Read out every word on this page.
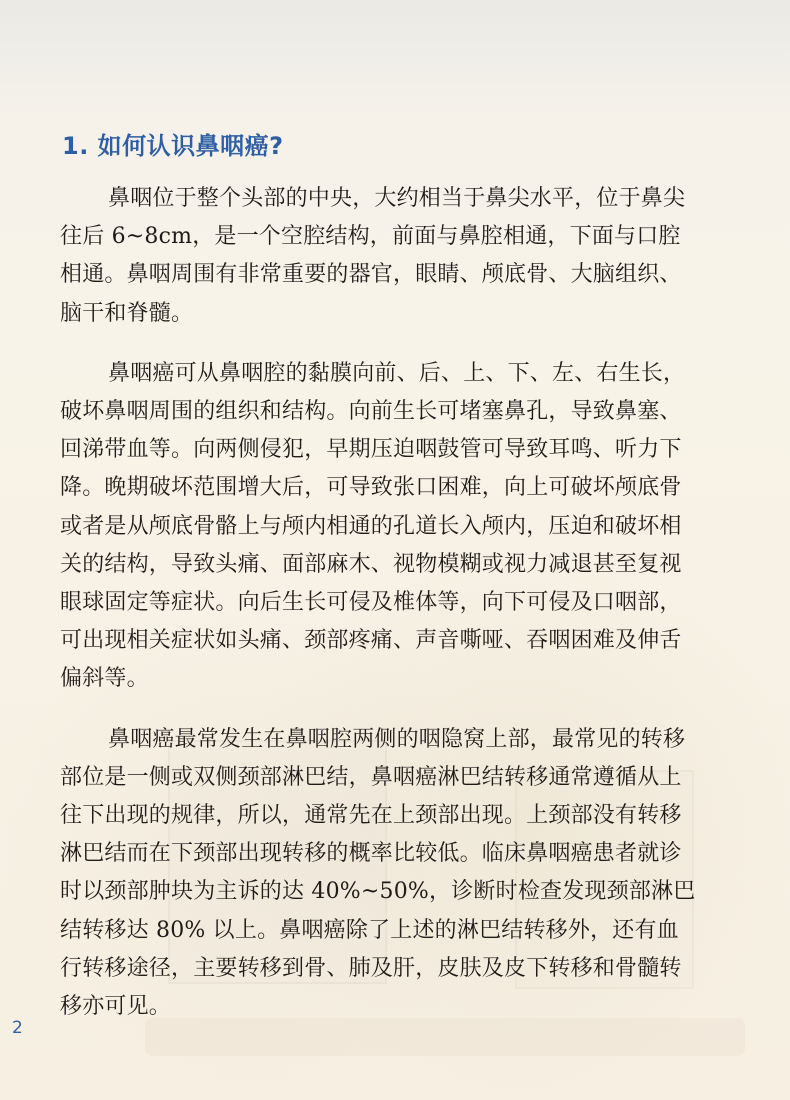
1. 如何认识鼻咽癌?

鼻咽位于整个头部的中央，大约相当于鼻尖水平，位于鼻尖
往后 6~8cm，是一个空腔结构，前面与鼻腔相通，下面与口腔
相通。鼻咽周围有非常重要的器官，眼睛、颅底骨、大脑组织、
脑干和脊髓。

鼻咽癌可从鼻咽腔的黏膜向前、后、上、下、左、右生长，
破坏鼻咽周围的组织和结构。向前生长可堵塞鼻孔，导致鼻塞、
回涕带血等。向两侧侵犯，早期压迫咽鼓管可导致耳鸣、听力下
降。晚期破坏范围增大后，可导致张口困难，向上可破坏颅底骨
或者是从颅底骨骼上与颅内相通的孔道长入颅内，压迫和破坏相
关的结构，导致头痛、面部麻木、视物模糊或视力减退甚至复视
眼球固定等症状。向后生长可侵及椎体等，向下可侵及口咽部，
可出现相关症状如头痛、颈部疼痛、声音嘶哑、吞咽困难及伸舌
偏斜等。

鼻咽癌最常发生在鼻咽腔两侧的咽隐窝上部，最常见的转移
部位是一侧或双侧颈部淋巴结，鼻咽癌淋巴结转移通常遵循从上
往下出现的规律，所以，通常先在上颈部出现。上颈部没有转移
淋巴结而在下颈部出现转移的概率比较低。临床鼻咽癌患者就诊
时以颈部肿块为主诉的达 40%~50%，诊断时检查发现颈部淋巴
结转移达 80% 以上。鼻咽癌除了上述的淋巴结转移外，还有血
行转移途径，主要转移到骨、肺及肝，皮肤及皮下转移和骨髓转
移亦可见。

2
